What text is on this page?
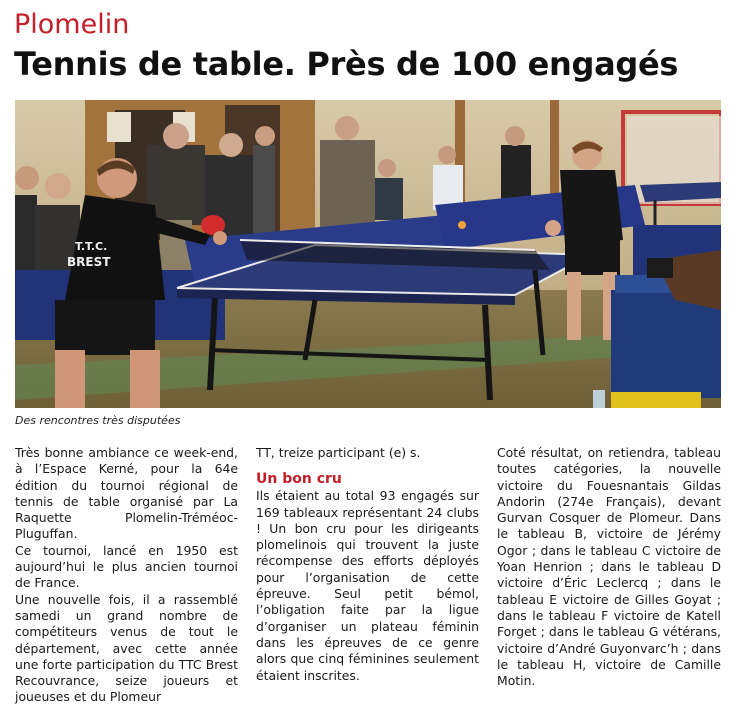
Plomelin
Tennis de table. Près de 100 engagés
T.T.C.
BREST
Des rencontres très disputées

Très bonne ambiance ce week-end, à l’Espace Kerné, pour la 64e édition du tournoi régional de tennis de table organisé par La Raquette Plomelin-Tréméoc-Pluguffan.

Ce tournoi, lancé en 1950 est aujourd’hui le plus ancien tournoi de France.

Une nouvelle fois, il a rassemblé samedi un grand nombre de compétiteurs venus de tout le département, avec cette année une forte participation du TTC Brest Recouvrance, seize joueurs et joueuses et du Plomeur

TT, treize participant (e) s.

Un bon cru

Ils étaient au total 93 engagés sur 169 tableaux représentant 24 clubs ! Un bon cru pour les dirigeants plomelinois qui trouvent la juste récompense des efforts déployés pour l’organisation de cette épreuve. Seul petit bémol, l’obligation faite par la ligue d’organiser un plateau féminin dans les épreuves de ce genre alors que cinq féminines seulement étaient inscrites.

Coté résultat, on retiendra, tableau toutes catégories, la nouvelle victoire du Fouesnantais Gildas Andorin (274e Français), devant Gurvan Cosquer de Plomeur. Dans le tableau B, victoire de Jérémy Ogor ; dans le tableau C victoire de Yoan Henrion ; dans le tableau D victoire d’Éric Leclercq ; dans le tableau E victoire de Gilles Goyat ; dans le tableau F victoire de Katell Forget ; dans le tableau G vétérans, victoire d’André Guyonvarc’h ; dans le tableau H, victoire de Camille Motin.
